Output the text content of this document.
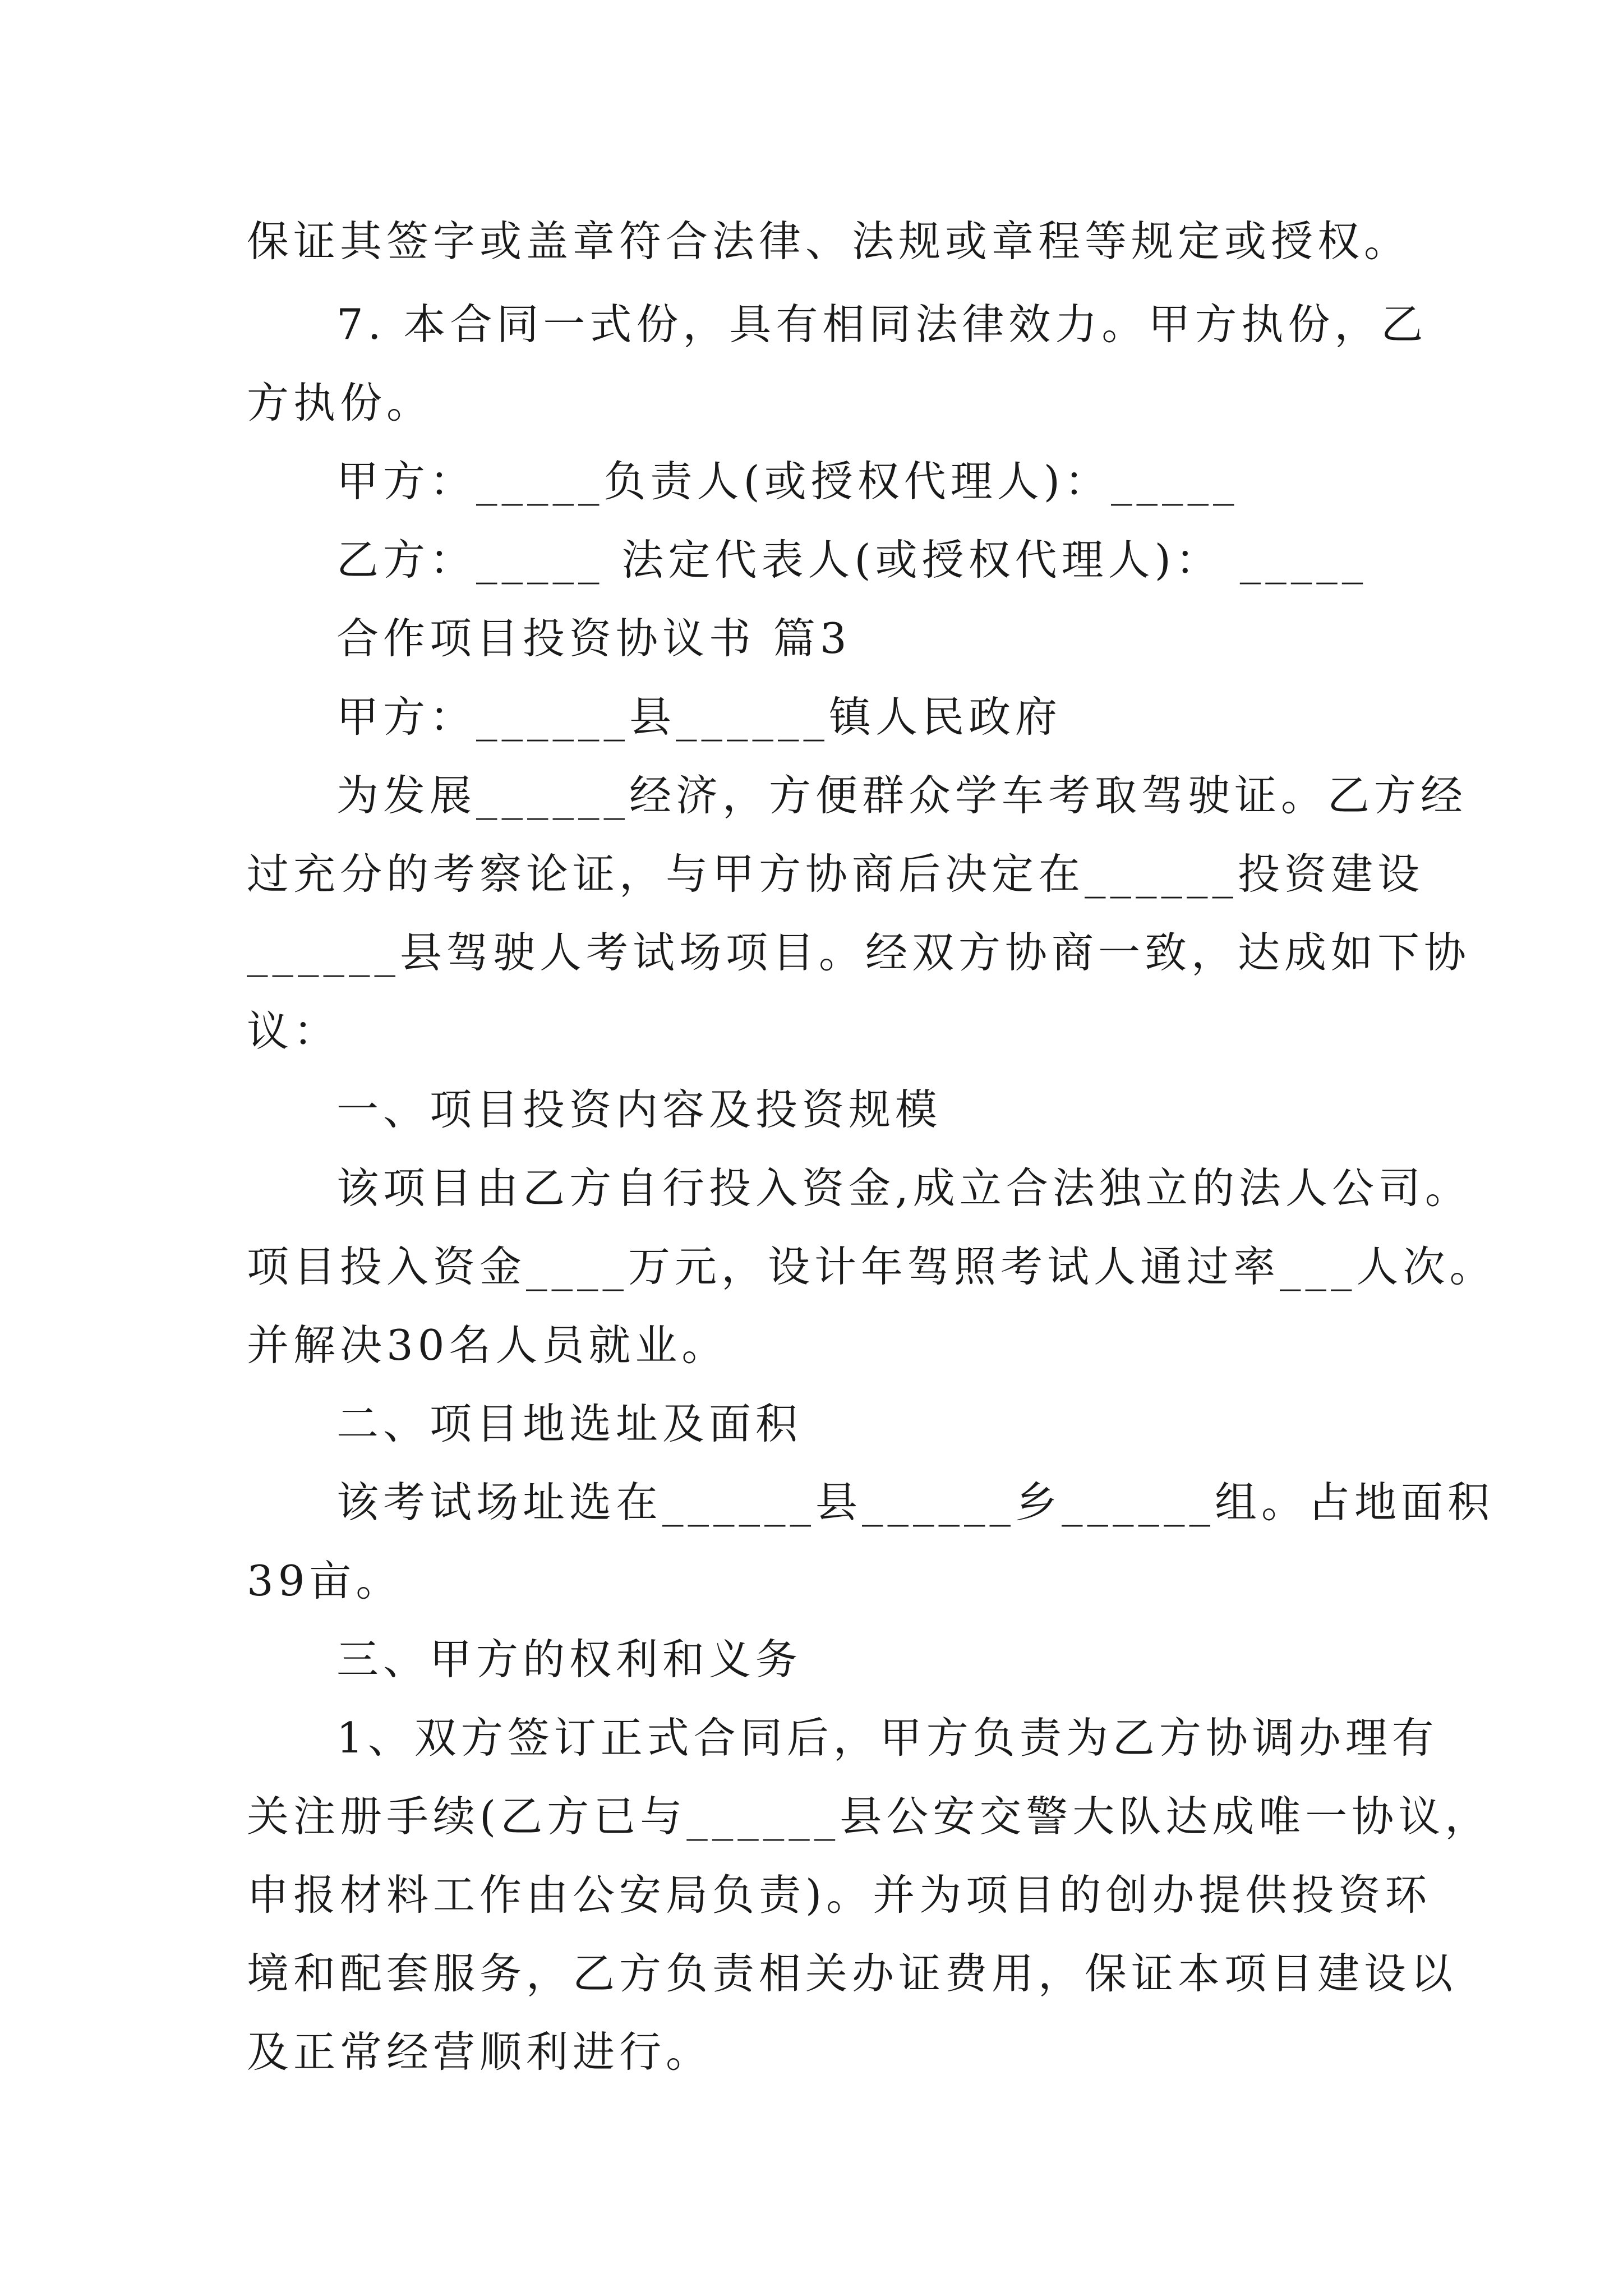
保证其签字或盖章符合法律、法规或章程等规定或授权。
7. 本合同一式份，具有相同法律效力。甲方执份，乙
方执份。
甲方：_____负责人(或授权代理人)：_____
乙方：_____ 法定代表人(或授权代理人)： _____
合作项目投资协议书 篇3
甲方：______县______镇人民政府
为发展______经济，方便群众学车考取驾驶证。乙方经
过充分的考察论证，与甲方协商后决定在______投资建设
______县驾驶人考试场项目。经双方协商一致，达成如下协
议：
一、项目投资内容及投资规模
该项目由乙方自行投入资金,成立合法独立的法人公司。
项目投入资金____万元，设计年驾照考试人通过率___人次。
并解决30名人员就业。
二、项目地选址及面积
该考试场址选在______县______乡______组。占地面积
39亩。
三、甲方的权利和义务
1、双方签订正式合同后，甲方负责为乙方协调办理有
关注册手续(乙方已与______县公安交警大队达成唯一协议，
申报材料工作由公安局负责)。并为项目的创办提供投资环
境和配套服务，乙方负责相关办证费用，保证本项目建设以
及正常经营顺利进行。
